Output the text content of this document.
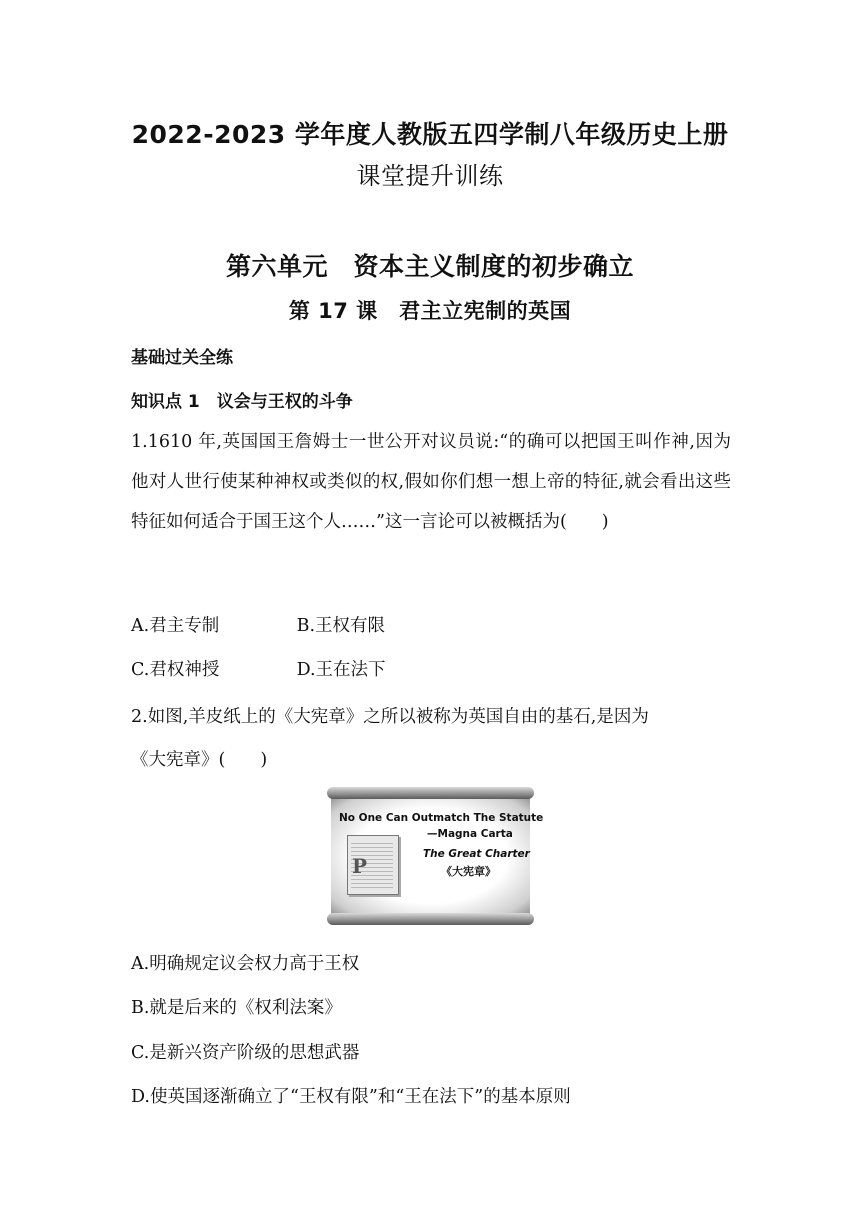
2022-2023 学年度人教版五四学制八年级历史上册
课堂提升训练
第六单元　资本主义制度的初步确立
第 17 课　君主立宪制的英国

基础过关全练

知识点 1　议会与王权的斗争

1.1610 年,英国国王詹姆士一世公开对议员说:“的确可以把国王叫作神,因为他对人世行使某种神权或类似的权,假如你们想一想上帝的特征,就会看出这些特征如何适合于国王这个人……”这一言论可以被概括为(　　)

A.君主专制	B.王权有限
C.君权神授	D.王在法下

2.如图,羊皮纸上的《大宪章》之所以被称为英国自由的基石,是因为

《大宪章》(　　)

P
No One Can Outmatch The Statute
—Magna Carta
The Great Charter
《大宪章》

A.明确规定议会权力高于王权

B.就是后来的《权利法案》

C.是新兴资产阶级的思想武器

D.使英国逐渐确立了“王权有限”和“王在法下”的基本原则
